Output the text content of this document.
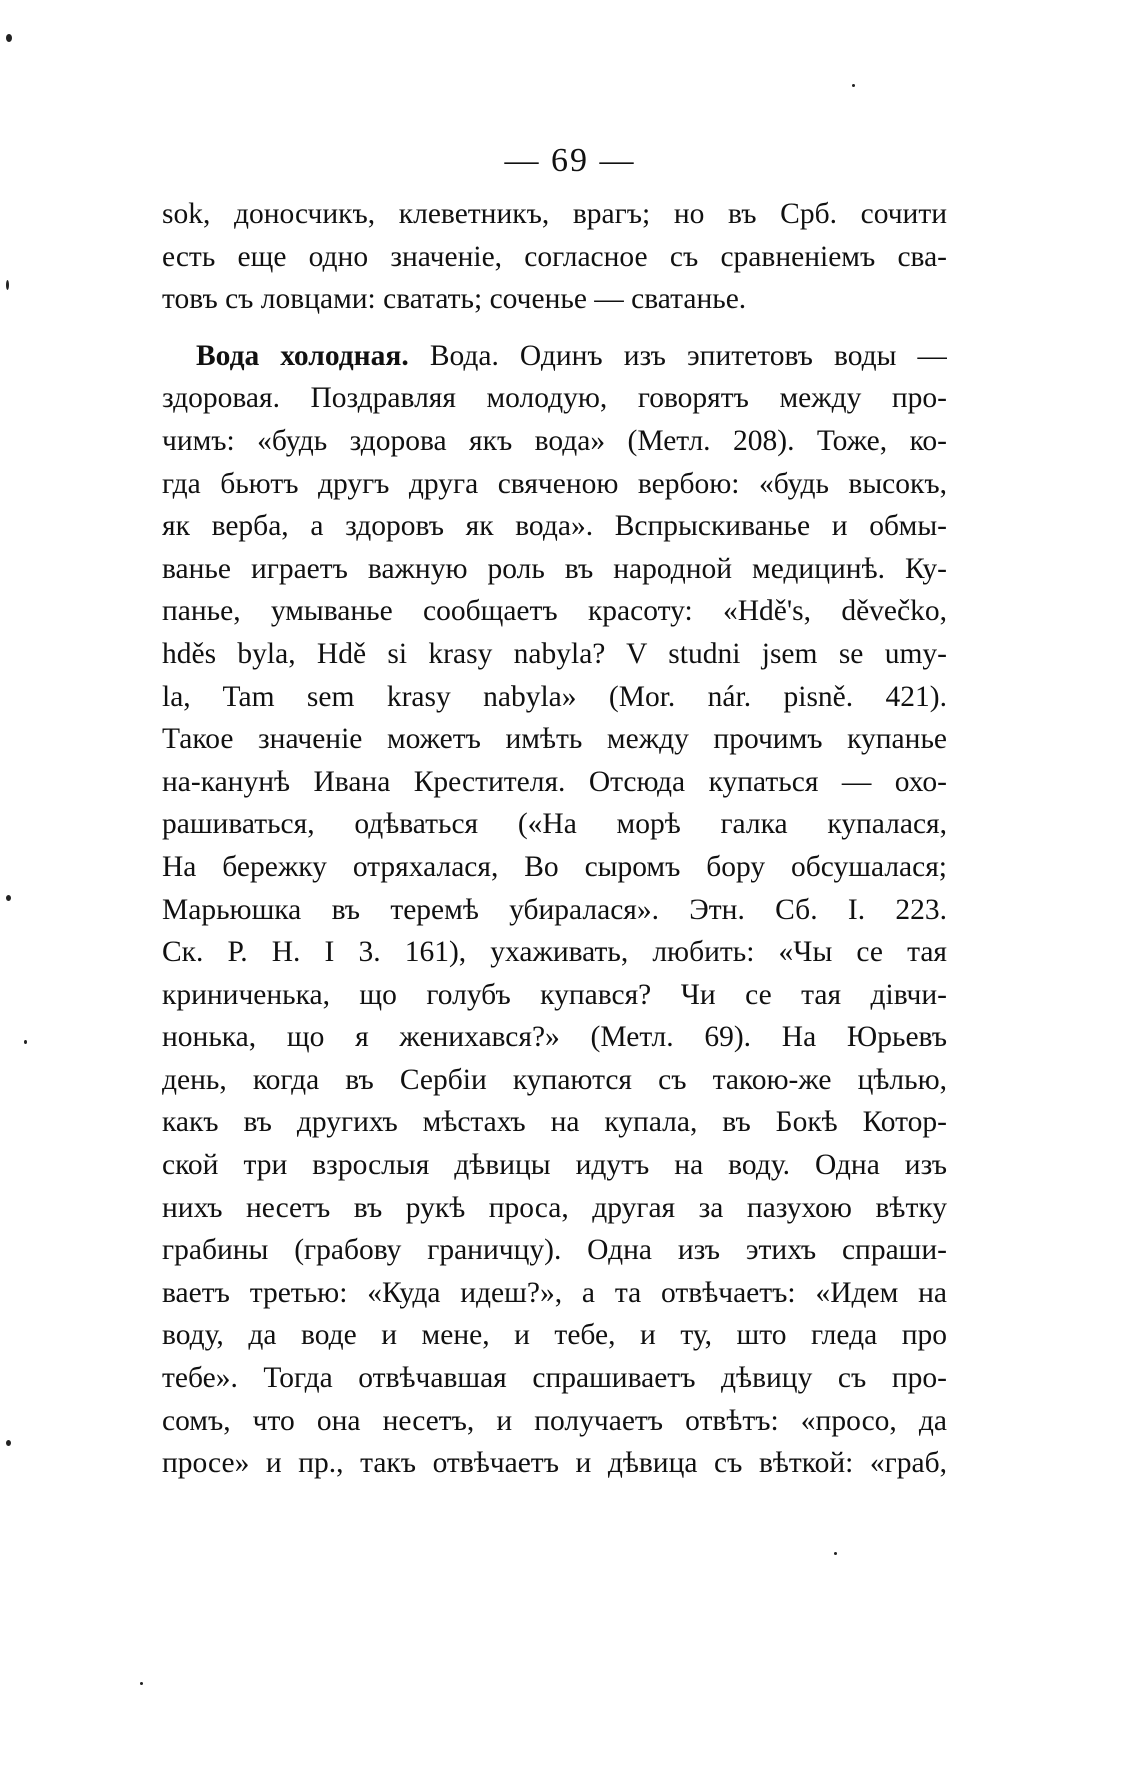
— 69 —
sok, доносчикъ, клеветникъ, врагъ; но въ Срб. сочити
есть еще одно значеніе, согласное съ сравненіемъ сва-
товъ съ ловцами: сватать; соченье — сватанье.
Вода холодная. Вода. Одинъ изъ эпитетовъ воды —
здоровая. Поздравляя молодую, говорятъ между про-
чимъ: «будь здорова якъ вода» (Метл. 208). Тоже, ко-
гда бьютъ другъ друга свяченою вербою: «будь высокъ,
як верба, а здоровъ як вода». Вспрыскиванье и обмы-
ванье играетъ важную роль въ народной медицинѣ. Ку-
панье, умыванье сообщаетъ красоту: «Hdě's, děvečko,
hděs byla, Hdě si krasy nabyla? V studni jsem se umy-
la, Tam sem krasy nabyla» (Mor. nár. pisně. 421).
Такое значеніе можетъ имѣть между прочимъ купанье
на-канунѣ Ивана Крестителя. Отсюда купаться — охо-
рашиваться, одѣваться («На морѣ галка купалася,
На бережку отряхалася, Во сыромъ бору обсушалася;
Марьюшка въ теремѣ убиралася». Этн. Сб. I. 223.
Ск. Р. Н. I 3. 161), ухаживать, любить: «Чы се тая
криниченька, що голубъ купався? Чи се тая дівчи-
нонька, що я женихався?» (Метл. 69). На Юрьевъ
день, когда въ Сербіи купаются съ такою-же цѣлью,
какъ въ другихъ мѣстахъ на купала, въ Бокѣ Котор-
ской три взрослыя дѣвицы идутъ на воду. Одна изъ
нихъ несетъ въ рукѣ проса, другая за пазухою вѣтку
грабины (грабову граничцу). Одна изъ этихъ спраши-
ваетъ третью: «Куда идеш?», а та отвѣчаетъ: «Идем на
воду, да воде и мене, и тебе, и ту, што гледа про
тебе». Тогда отвѣчавшая спрашиваетъ дѣвицу съ про-
сомъ, что она несетъ, и получаетъ отвѣтъ: «просо, да
просе» и пр., такъ отвѣчаетъ и дѣвица съ вѣткой: «граб,
